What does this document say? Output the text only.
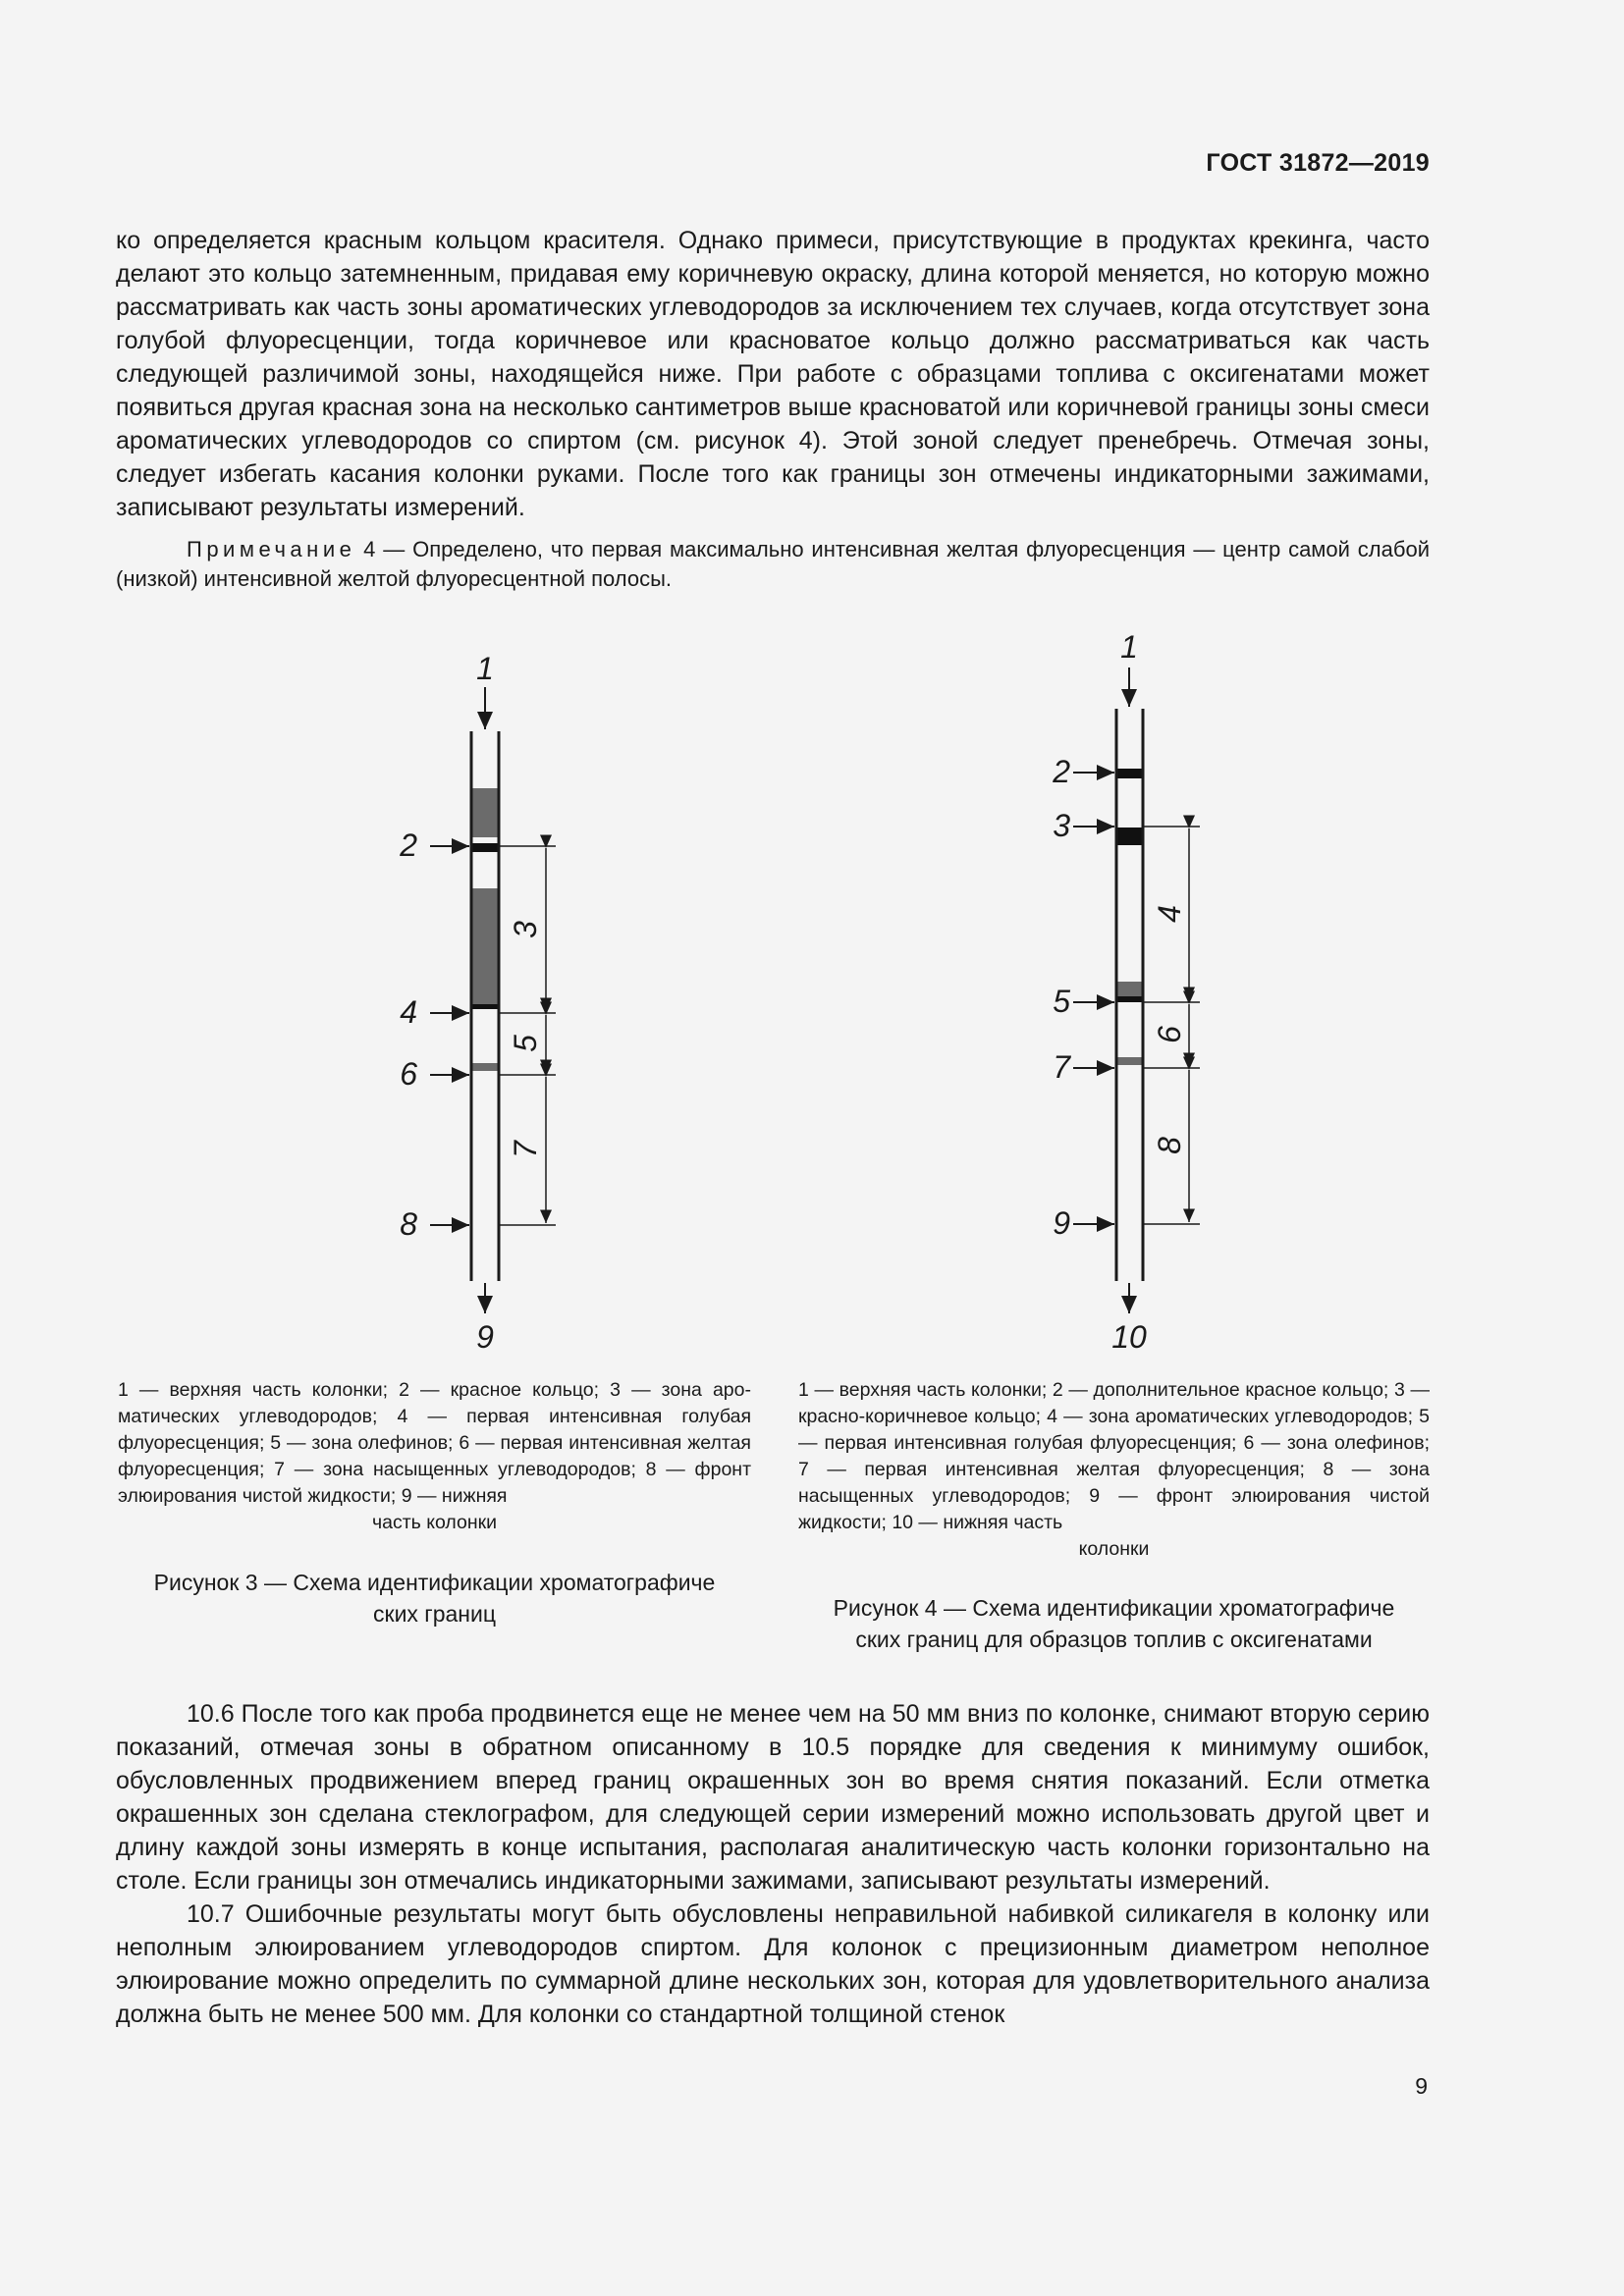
ГОСТ 31872—2019

ко определяется красным кольцом красителя. Однако примеси, присутствующие в продуктах крекинга, часто делают это кольцо затемненным, придавая ему коричневую окраску, длина которой меняется, но которую можно рассматривать как часть зоны ароматических углеводородов за исключением тех случаев, когда отсутствует зона голубой флуоресценции, тогда коричневое или красноватое кольцо должно рассматриваться как часть следующей различимой зоны, находящейся ниже. При работе с образцами топлива с оксигенатами может появиться другая красная зона на несколько сантиметров выше красноватой или коричневой границы зоны смеси ароматических углеводородов со спиртом (см. рисунок 4). Этой зоной следует пренебречь. Отмечая зоны, следует избегать касания колонки руками. После того как границы зон отмечены индикаторными зажимами, записывают результаты измерений.

Примечание 4 — Определено, что первая максимально интенсивная желтая флуоресценция — центр самой слабой (низкой) интенсивной желтой флуоресцентной полосы.
1
2
4
6
8
9
3
5
7
1
2
3
5
7
9
10
4
6
8
1 — верхняя часть колонки; 2 — красное кольцо; 3 — зона ароматических углеводородов; 4 — первая интенсивная голубая флуоресценция; 5 — зона олефинов; 6 — первая интенсивная желтая флуоресценция; 7 — зона насыщенных углеводородов; 8 — фронт элюирования чистой жидкости; 9 — нижняя
часть колонки
1 — верхняя часть колонки; 2 — дополнительное красное кольцо; 3 — красно-коричневое кольцо; 4 — зона ароматических углеводородов; 5 — первая интенсивная голубая флуоресценция; 6 — зона олефинов; 7 — первая интенсивная желтая флуоресценция; 8 — зона насыщенных углеводородов; 9 — фронт элюирования чистой жидкости; 10 — нижняя часть
колонки
Рисунок 3 — Схема идентификации хроматографиче
ских границ	Рисунок 4 — Схема идентификации хроматографиче
ских границ для образцов топлив с оксигенатами

10.6 После того как проба продвинется еще не менее чем на 50 мм вниз по колонке, снимают вторую серию показаний, отмечая зоны в обратном описанному в 10.5 порядке для сведения к минимуму ошибок, обусловленных продвижением вперед границ окрашенных зон во время снятия показаний. Если отметка окрашенных зон сделана стеклографом, для следующей серии измерений можно использовать другой цвет и длину каждой зоны измерять в конце испытания, располагая аналитическую часть колонки горизонтально на столе. Если границы зон отмечались индикаторными зажимами, записывают результаты измерений.

10.7 Ошибочные результаты могут быть обусловлены неправильной набивкой силикагеля в колонку или неполным элюированием углеводородов спиртом. Для колонок с прецизионным диаметром неполное элюирование можно определить по суммарной длине нескольких зон, которая для удовлетворительного анализа должна быть не менее 500 мм. Для колонки со стандартной толщиной стенок

9
